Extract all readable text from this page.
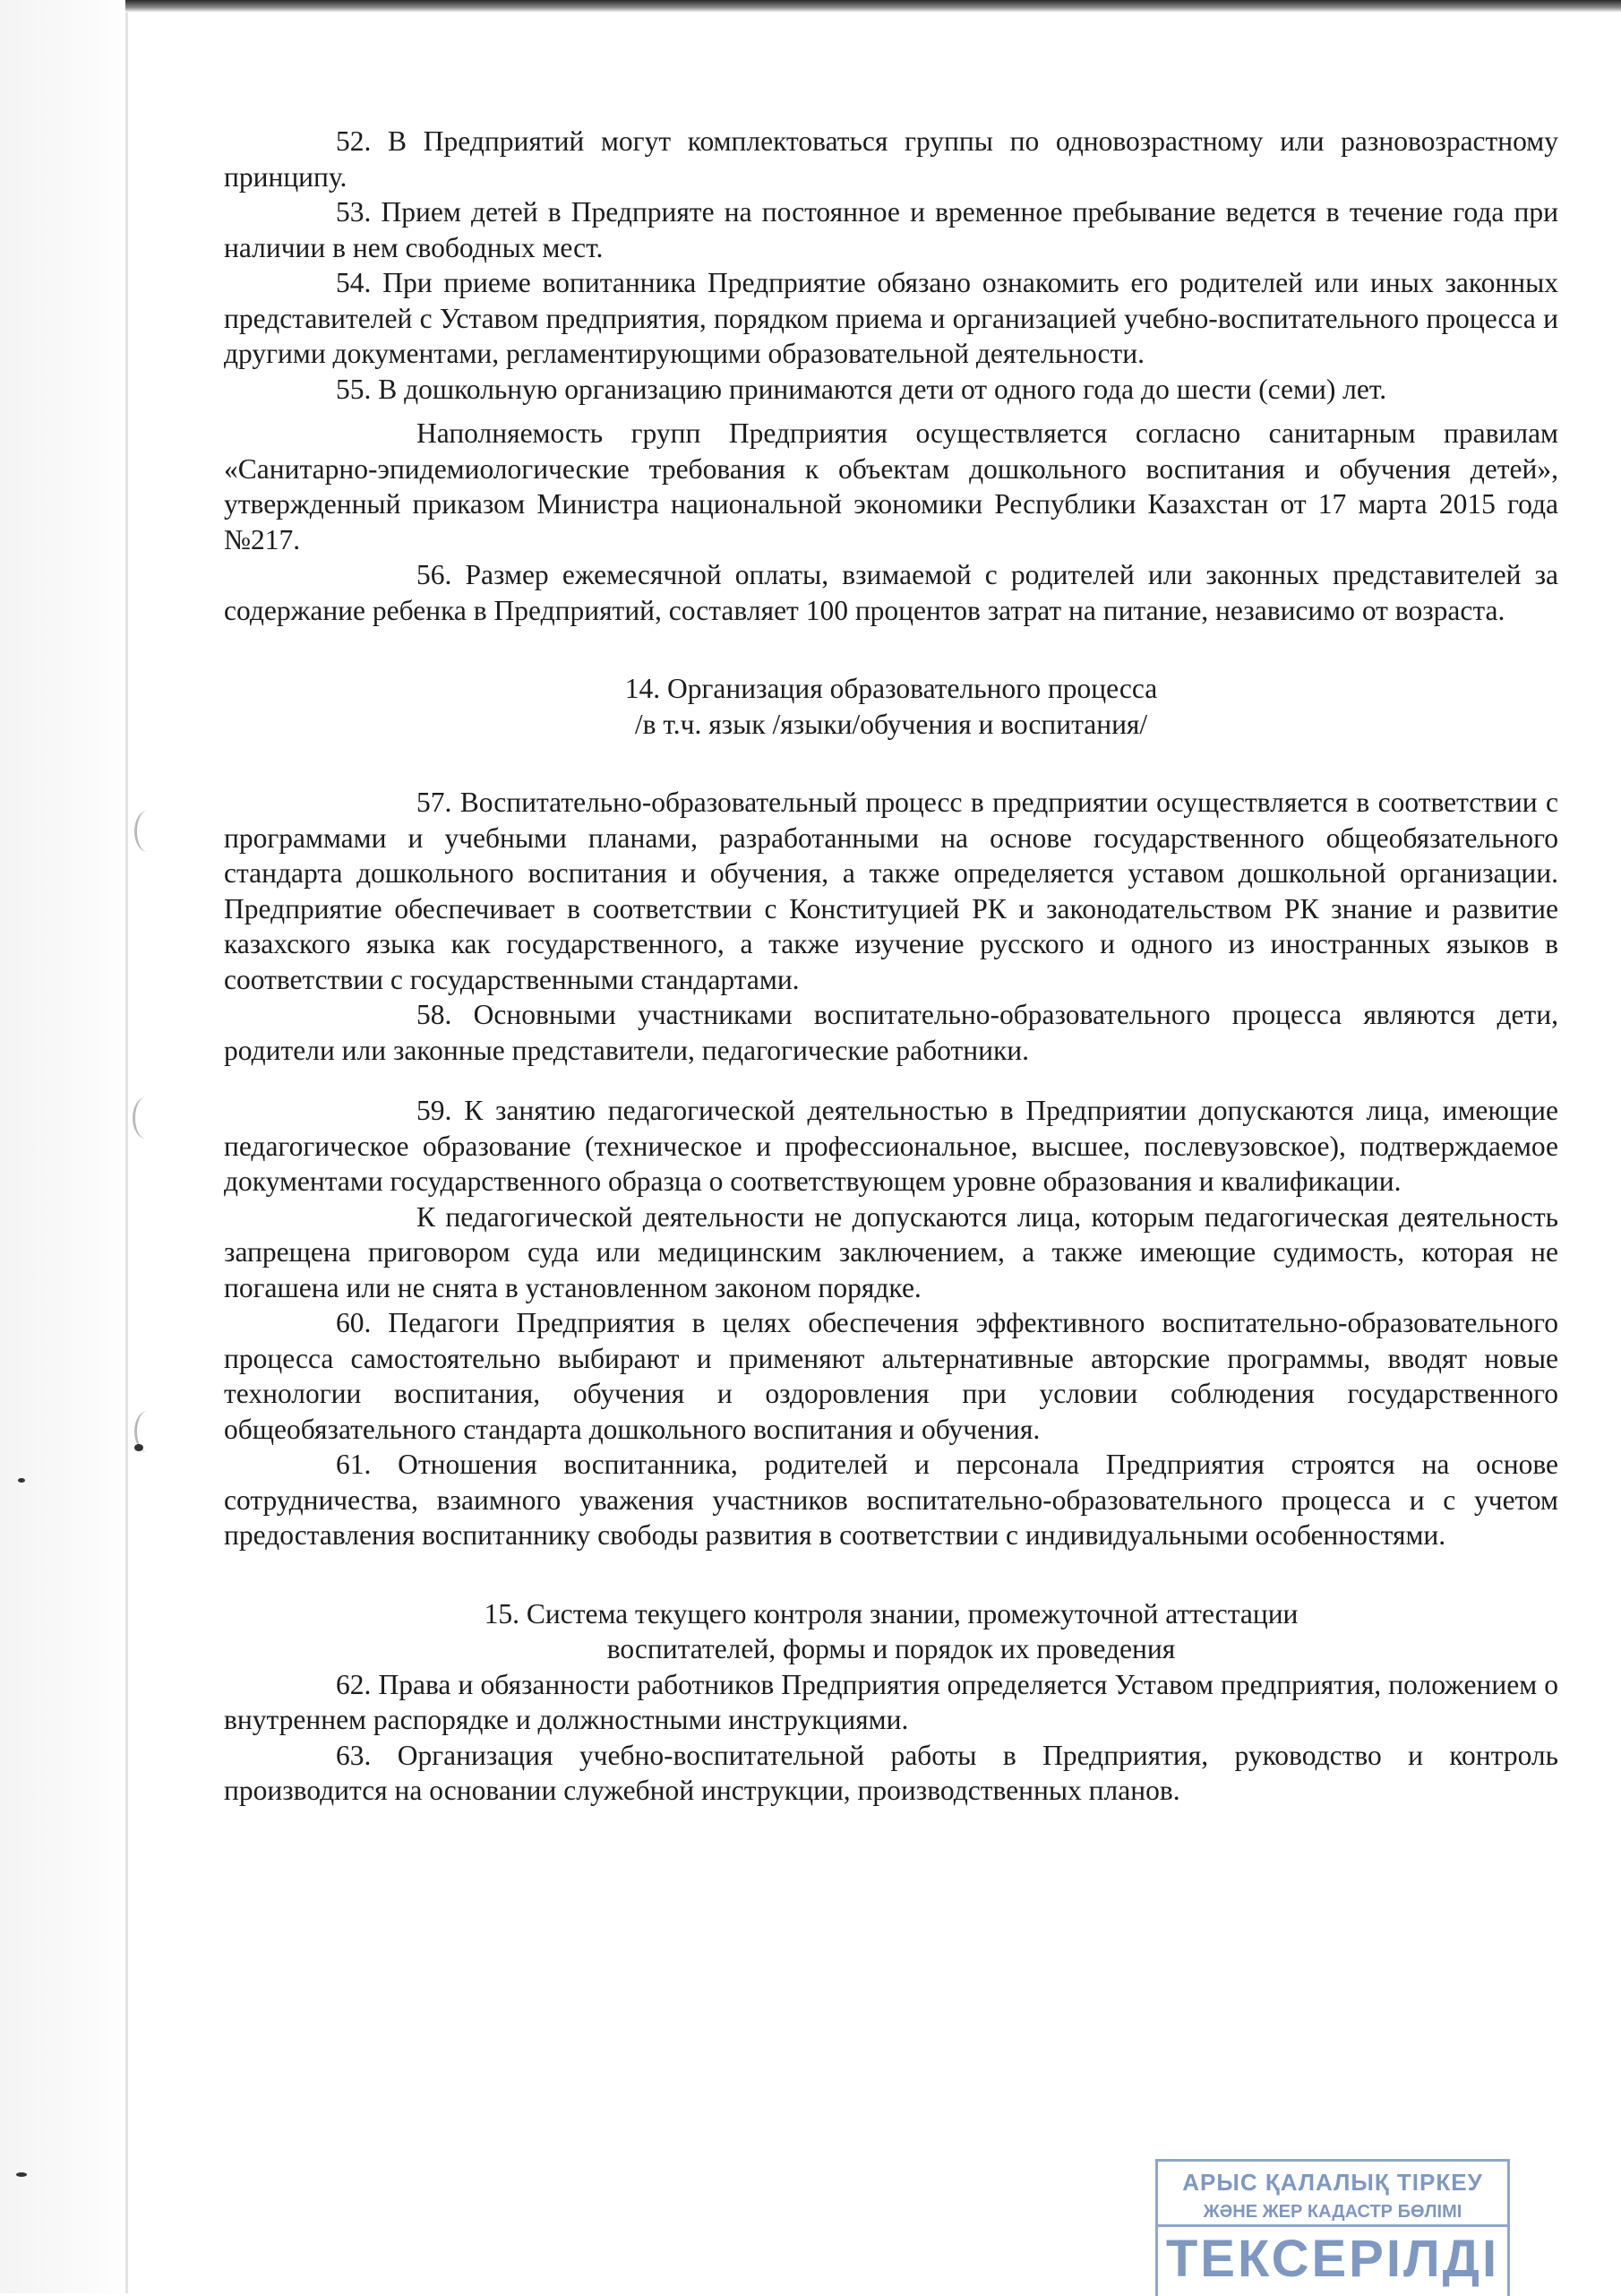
52. В Предприятий могут комплектоваться группы по одновозрастному или разновозрастному принципу.

53. Прием детей в Предприяте на постоянное и временное пребывание ведется в течение года при наличии в нем свободных мест.

54. При приеме вопитанника Предприятие обязано ознакомить его родителей или иных законных представителей с Уставом предприятия, порядком приема и организацией учебно-воспитательного процесса и другими документами, регламентирующими образовательной деятельности.

55. В дошкольную организацию принимаются дети от одного года до шести (семи) лет.

Наполняемость групп Предприятия осуществляется согласно санитарным правилам «Санитарно-эпидемиологические требования к объектам дошкольного воспитания и обучения детей», утвержденный приказом Министра национальной экономики Республики Казахстан от 17 марта 2015 года №217.

56. Размер ежемесячной оплаты, взимаемой с родителей или законных представителей за содержание ребенка в Предприятий, составляет 100 процентов затрат на питание, независимо от возраста.

14. Организация образовательного процесса
/в т.ч. язык /языки/обучения и воспитания/

57. Воспитательно-образовательный процесс в предприятии осуществляется в соответствии с программами и учебными планами, разработанными на основе государственного общеобязательного стандарта дошкольного воспитания и обучения, а также определяется уставом дошкольной организации. Предприятие обеспечивает в соответствии с Конституцией РК и законодательством РК знание и развитие казахского языка как государственного, а также изучение русского и одного из иностранных языков в соответствии с государственными стандартами.

58. Основными участниками воспитательно-образовательного процесса являются дети, родители или законные представители, педагогические работники.

59. К занятию педагогической деятельностью в Предприятии допускаются лица, имеющие педагогическое образование (техническое и профессиональное, высшее, послевузовское), подтверждаемое документами государственного образца о соответствующем уровне образования и квалификации.

К педагогической деятельности не допускаются лица, которым педагогическая деятельность запрещена приговором суда или медицинским заключением, а также имеющие судимость, которая не погашена или не снята в установленном законом порядке.

60. Педагоги Предприятия в целях обеспечения эффективного воспитательно-образовательного процесса самостоятельно выбирают и применяют альтернативные авторские программы, вводят новые технологии воспитания, обучения и оздоровления при условии соблюдения государственного общеобязательного стандарта дошкольного воспитания и обучения.

61. Отношения воспитанника, родителей и персонала Предприятия строятся на основе сотрудничества, взаимного уважения участников воспитательно-образовательного процесса и с учетом предоставления воспитаннику свободы развития в соответствии с индивидуальными особенностями.

15. Система текущего контроля знании, промежуточной аттестации
воспитателей, формы и порядок их проведения

62. Права и обязанности работников Предприятия определяется Уставом предприятия, положением о внутреннем распорядке и должностными инструкциями.

63. Организация учебно-воспитательной работы в Предприятия, руководство и контроль производится на основании служебной инструкции, производственных планов.

АРЫС ҚАЛАЛЫҚ ТІРКЕУ
ЖӘНЕ ЖЕР КАДАСТР БӨЛІМІ
ТЕКСЕРІЛДІ
